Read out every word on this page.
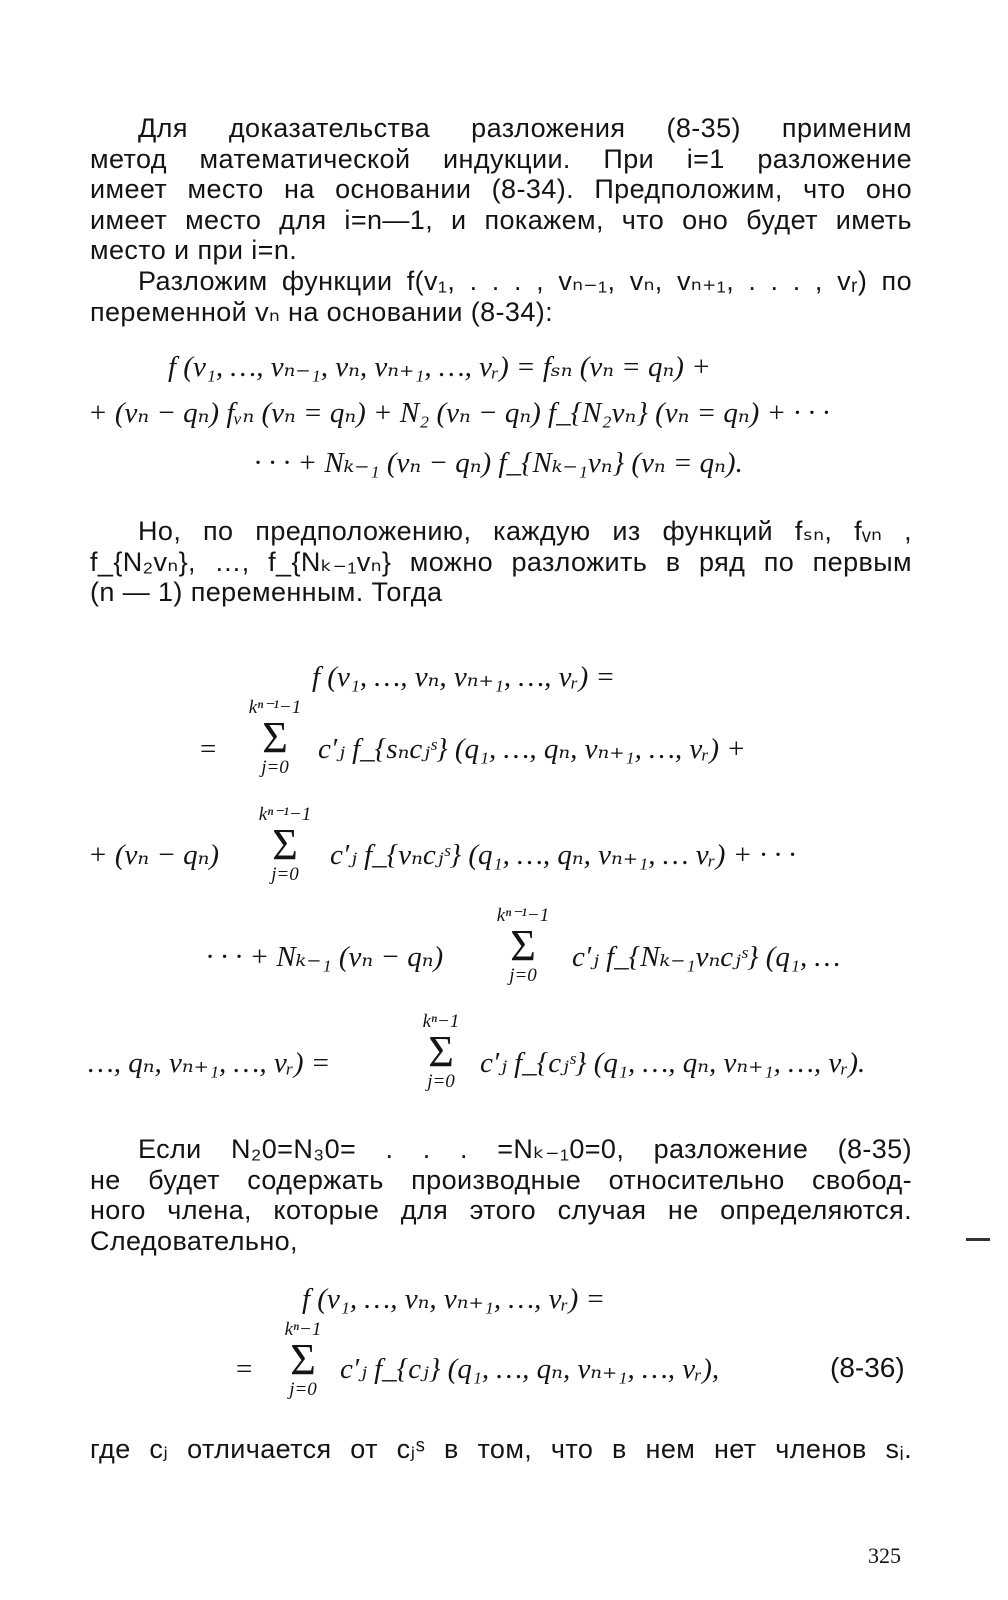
Для доказательства разложения (8-35) применим
метод математической индукции. При i=1 разложение
имеет место на основании (8-34). Предположим, что оно
имеет место для i=n—1, и покажем, что оно будет иметь
место и при i=n.
Разложим функции f(v₁, . . . , vₙ₋₁, vₙ, vₙ₊₁, . . . , vᵣ) по
переменной vₙ на основании (8-34):
f (v₁, …, vₙ₋₁, vₙ, vₙ₊₁, …, vᵣ) = fₛₙ (vₙ = qₙ) +
+ (vₙ − qₙ) fᵥₙ (vₙ = qₙ) + N₂ (vₙ − qₙ) f_{N₂vₙ} (vₙ = qₙ) + · · ·
· · · + Nₖ₋₁ (vₙ − qₙ) f_{Nₖ₋₁vₙ} (vₙ = qₙ).
Но, по предположению, каждую из функций fₛₙ, fᵥₙ ,
f_{N₂vₙ}, …, f_{Nₖ₋₁vₙ} можно разложить в ряд по первым
(n — 1) переменным. Тогда
f (v₁, …, vₙ, vₙ₊₁, …, vᵣ) =
=
kⁿ⁻¹−1
Σ
j=0
c′ⱼ f_{sₙcⱼˢ} (q₁, …, qₙ, vₙ₊₁, …, vᵣ) +
+ (vₙ − qₙ)
kⁿ⁻¹−1
Σ
j=0
c′ⱼ f_{vₙcⱼˢ} (q₁, …, qₙ, vₙ₊₁, … vᵣ) + · · ·
· · · + Nₖ₋₁ (vₙ − qₙ)
kⁿ⁻¹−1
Σ
j=0
c′ⱼ f_{Nₖ₋₁vₙcⱼˢ} (q₁, …
…, qₙ, vₙ₊₁, …, vᵣ) =
kⁿ−1
Σ
j=0
c′ⱼ f_{cⱼˢ} (q₁, …, qₙ, vₙ₊₁, …, vᵣ).
Если N₂0=N₃0= . . . =Nₖ₋₁0=0, разложение (8-35)
не будет содержать производные относительно свобод-
ного члена, которые для этого случая не определяются.
Следовательно,
f (v₁, …, vₙ, vₙ₊₁, …, vᵣ) =
=
kⁿ−1
Σ
j=0
c′ⱼ f_{cⱼ} (q₁, …, qₙ, vₙ₊₁, …, vᵣ),	(8-36)
где cⱼ отличается от cⱼˢ в том, что в нем нет членов sᵢ.
325
